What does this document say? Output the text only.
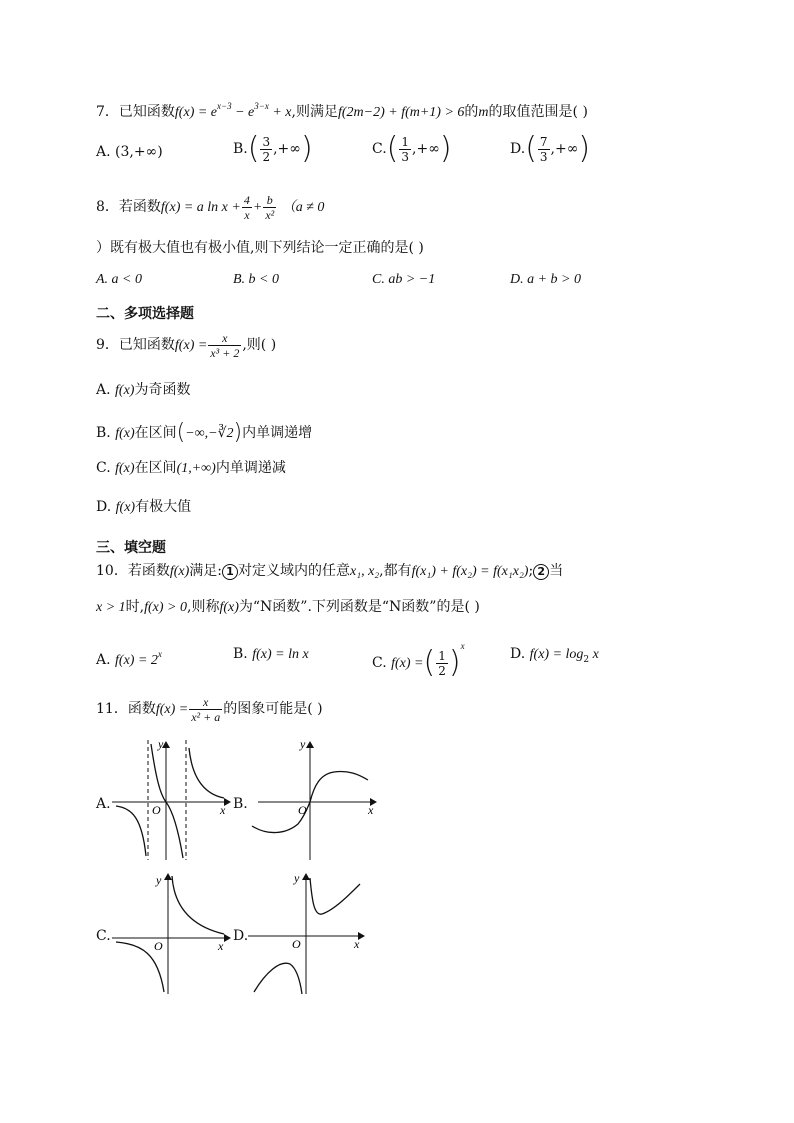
7．已知函数$f(x) = e^{x-3} - e^{3-x} + x$,则满足f(2m−2) + f(m+1) > 6的m的取值范围是( )
A. (3,+∞)	$B.( \frac{3}{2}$ ,+∞)	$C.( \frac{1}{3}$ ,+∞)	$D.( \frac{7}{3}$ ,+∞)
8．若函数f(x) = a $\ln x + \frac{4}{x} + \frac{b}{\text{x²}} (a \ne 0$
）既有极大值也有极小值,则下列结论一定正确的是( )
A. a < 0	B. b < 0	C. ab > −1	D. a + b > 0
二、多项选择题
9．已知函数$f(x) = \frac{x}{\text{x³ + 2}}$ ,则( )
A. f(x)为奇函数
B. f(x)在区间(−∞,−∛2)内单调递增
C. f(x)在区间(1,+∞)内单调递减
D. f(x)有极大值
三、填空题
10．若函数f(x)满足: 1 对定义域内的任意x₁, x₂,都有f(x₁) + f(x₂) = f(x₁x₂); 2 当
x > 1时,f(x) > 0,则称f(x)为“N函数”.下列函数是“N函数”的是( )
A. $f(x) = 2^x$	B. f(x) = ln x
C. f(x) =( $\frac{1}{2} )^x$	D. $f(x) = \log_2 x$
11．函数$f(x) = \frac{x}{\text{x² + a}}$ 的图象可能是( )
A.	B.
C.	D.
y
x
O
y
x
O
y
x
O
y
x
O
